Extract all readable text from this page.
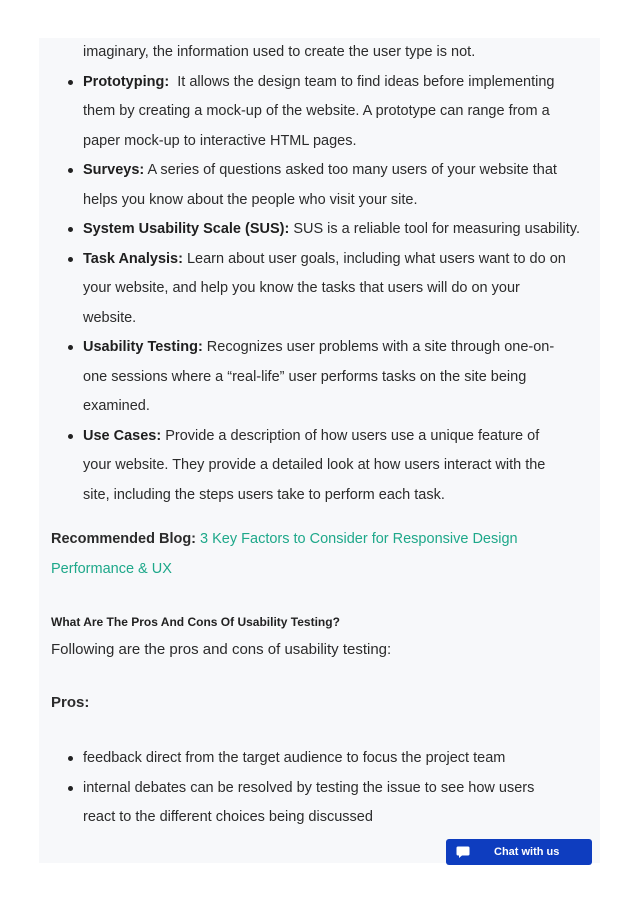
imaginary, the information used to create the user type is not.
Prototyping:  It allows the design team to find ideas before implementing
them by creating a mock-up of the website. A prototype can range from a
paper mock-up to interactive HTML pages.
Surveys: A series of questions asked too many users of your website that
helps you know about the people who visit your site.
System Usability Scale (SUS): SUS is a reliable tool for measuring usability.
Task Analysis: Learn about user goals, including what users want to do on
your website, and help you know the tasks that users will do on your
website.
Usability Testing: Recognizes user problems with a site through one-on-
one sessions where a “real-life” user performs tasks on the site being
examined.
Use Cases: Provide a description of how users use a unique feature of
your website. They provide a detailed look at how users interact with the
site, including the steps users take to perform each task.
Recommended Blog: 3 Key Factors to Consider for Responsive Design
Performance & UX
What Are The Pros And Cons Of Usability Testing?
Following are the pros and cons of usability testing:
Pros:
feedback direct from the target audience to focus the project team
internal debates can be resolved by testing the issue to see how users
react to the different choices being discussed
Chat with us
